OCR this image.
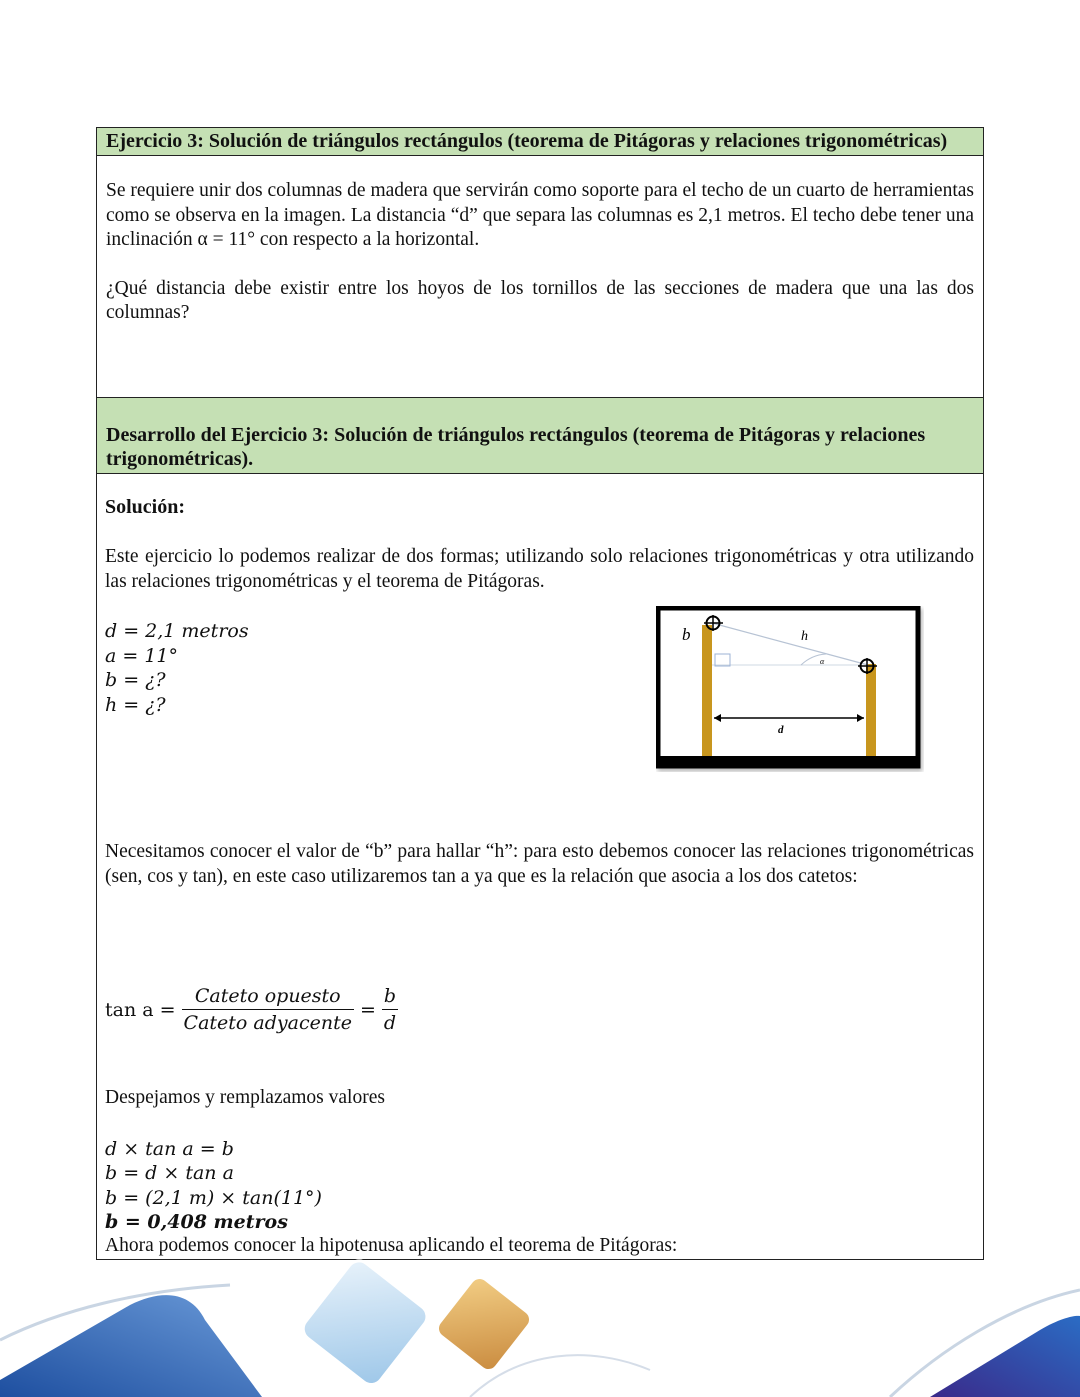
Ejercicio 3: Solución de triángulos rectángulos (teorema de Pitágoras y relaciones trigonométricas)

Se requiere unir dos columnas de madera que servirán como soporte para el techo de un cuarto de herramientas como se observa en la imagen. La distancia “d” que separa las columnas es 2,1 metros. El techo debe tener una inclinación α = 11° con respecto a la horizontal.

¿Qué distancia debe existir entre los hoyos de los tornillos de las secciones de madera que una las dos columnas?

Desarrollo del Ejercicio 3: Solución de triángulos rectángulos (teorema de Pitágoras y relaciones trigonométricas).
Solución:

Este ejercicio lo podemos realizar de dos formas; utilizando solo relaciones trigonométricas y otra utilizando las relaciones trigonométricas y el teorema de Pitágoras.

d = 2,1 metros
a = 11°
b = ¿?
h = ¿?
b	h
α
d

Necesitamos conocer el valor de “b” para hallar “h”: para esto debemos conocer las relaciones trigonométricas (sen, cos y tan), en este caso utilizaremos tan a ya que es la relación que asocia a los dos catetos:

$\tan a = \frac{\text{Cateto opuesto}}{\text{Cateto adyacente}} = \frac{b}{d}$
Despejamos y remplazamos valores
d × tan a = b
b = d × tan a
b = (2,1 m) × tan(11°)
b = 0,408 metros
Ahora podemos conocer la hipotenusa aplicando el teorema de Pitágoras:
